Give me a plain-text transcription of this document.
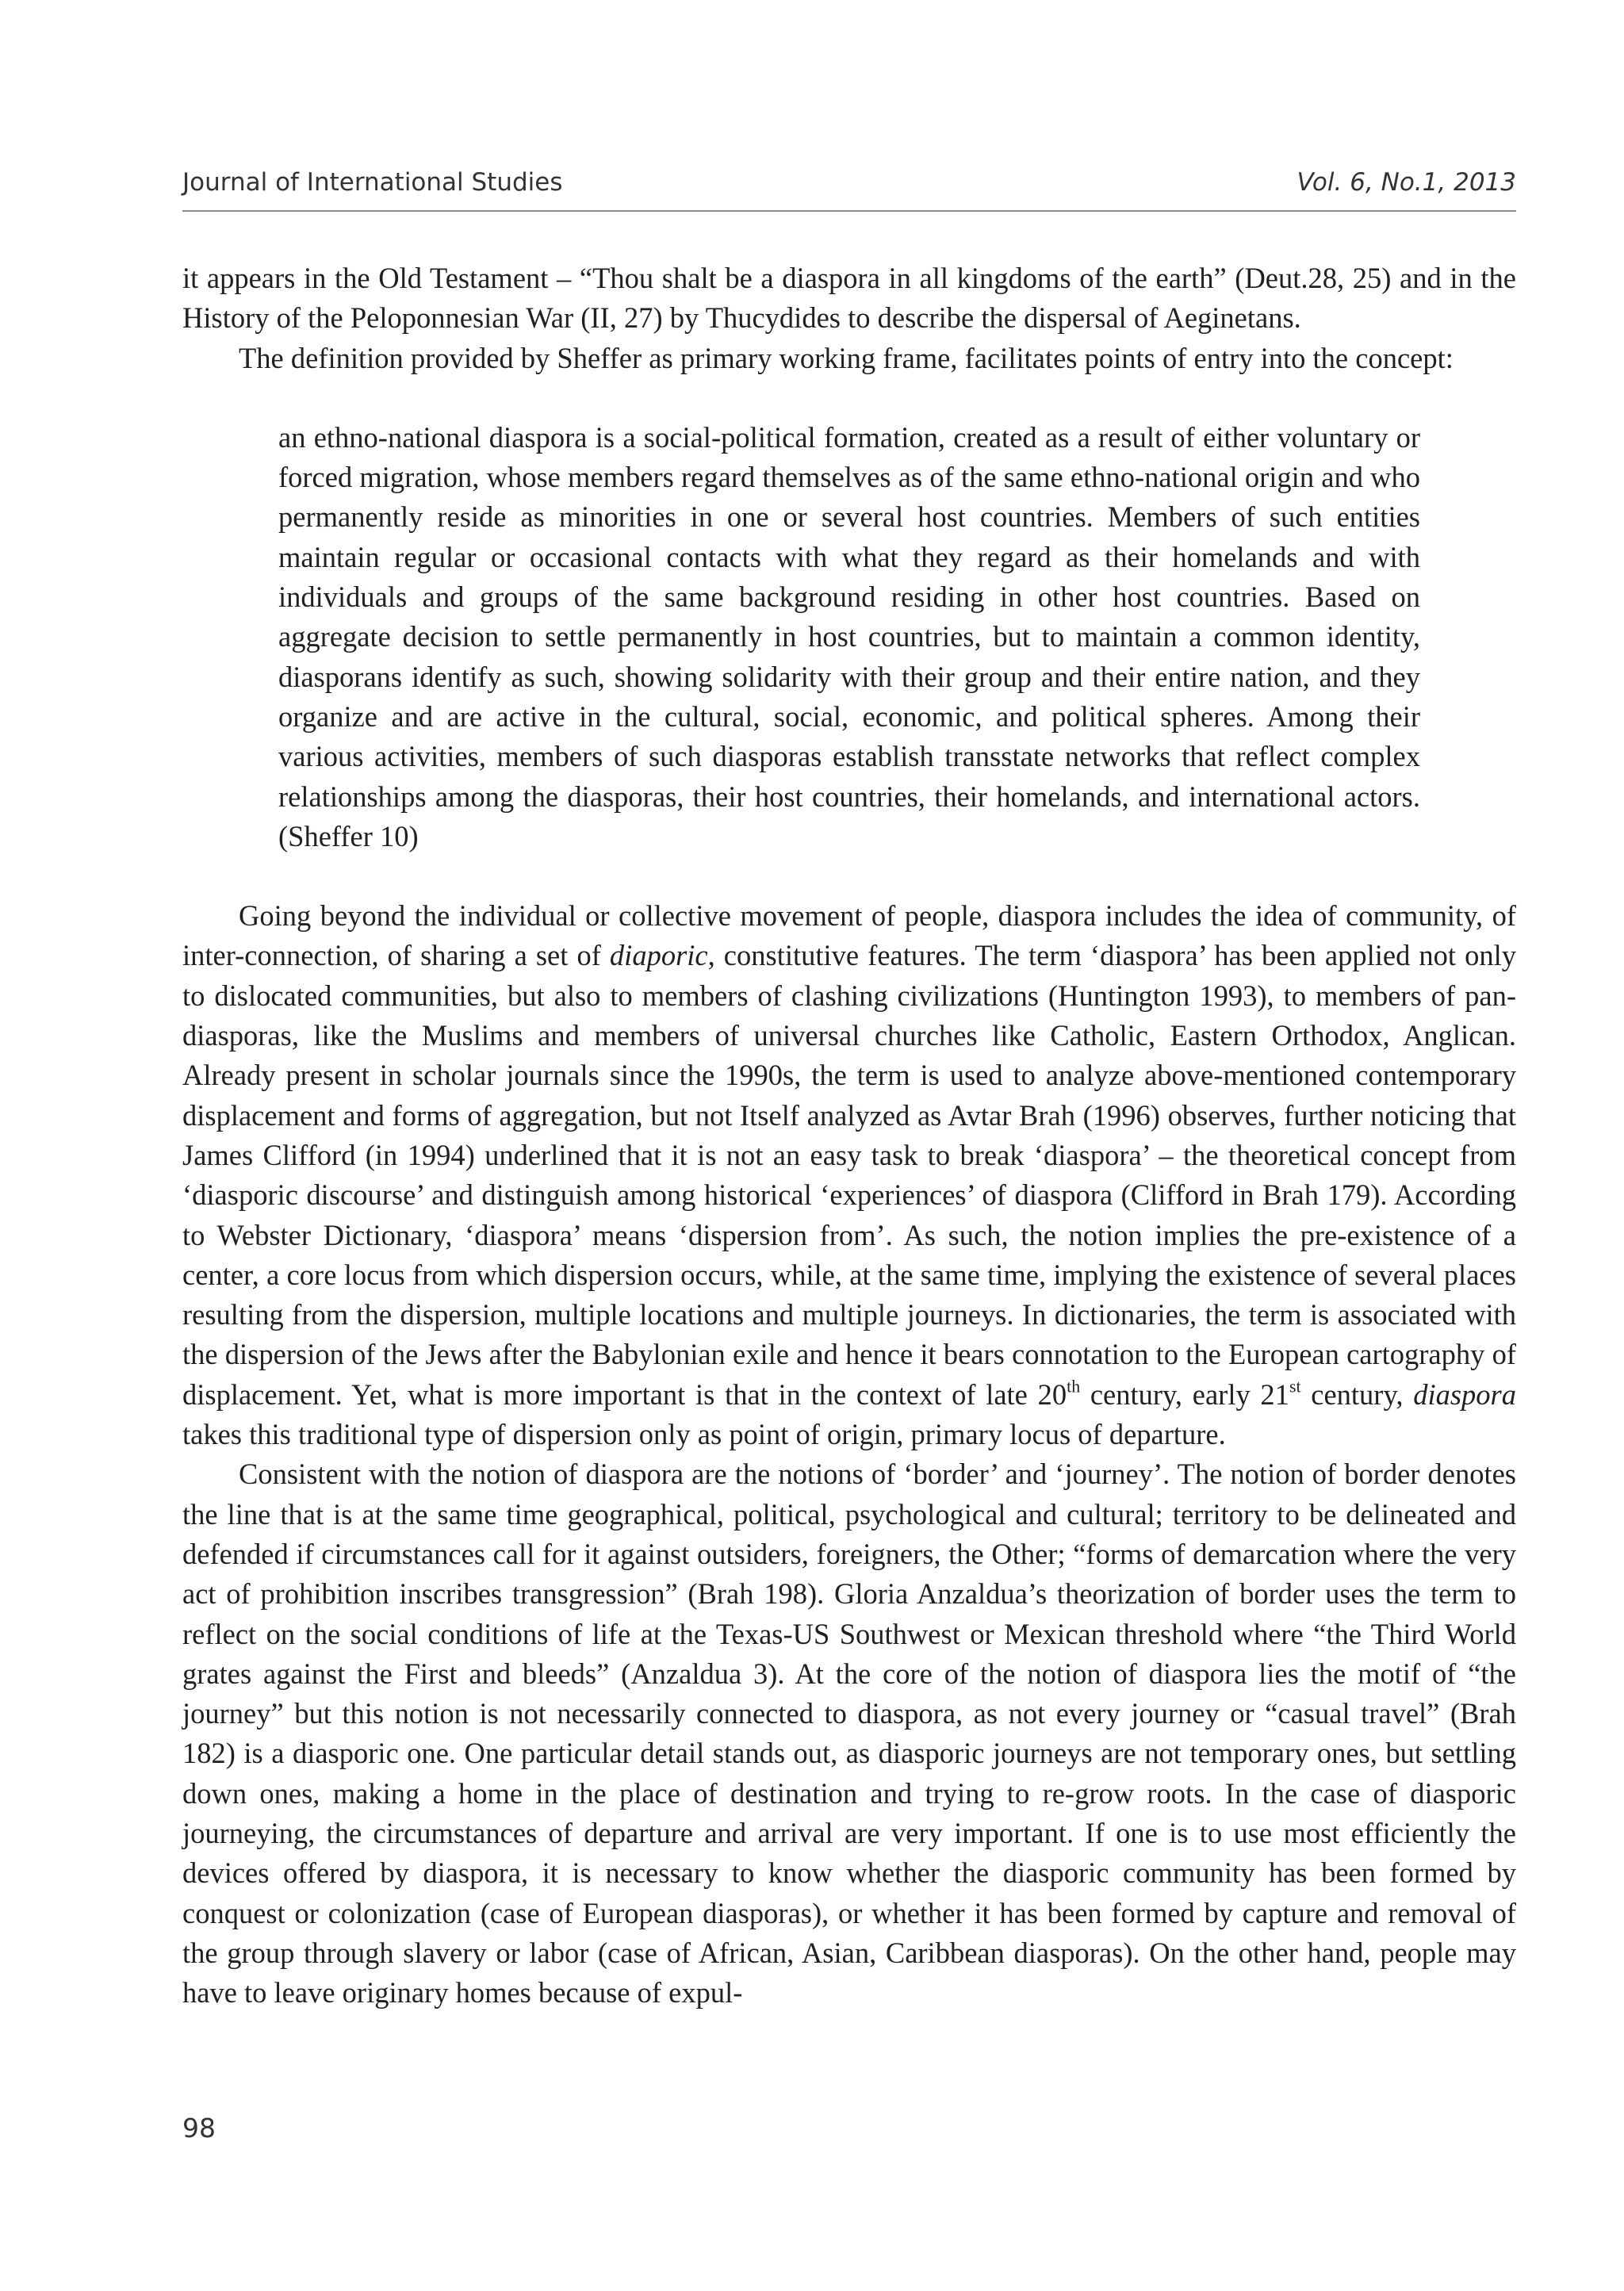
Journal of International Studies	Vol. 6, No.1, 2013

it appears in the Old Testament – “Thou shalt be a diaspora in all kingdoms of the earth” (Deut.28, 25) and in the History of the Peloponnesian War (II, 27) by Thucydides to describe the dispersal of Aeginetans.

The definition provided by Sheffer as primary working frame, facilitates points of entry into the concept:

an ethno-national diaspora is a social-political formation, created as a result of either voluntary or forced migration, whose members regard themselves as of the same ethno-national origin and who permanently reside as minorities in one or several host countries. Members of such entities maintain regular or occasional contacts with what they regard as their homelands and with individuals and groups of the same background residing in other host countries. Based on aggregate decision to settle permanently in host countries, but to maintain a common identity, diasporans identify as such, showing solidarity with their group and their entire nation, and they organize and are active in the cultural, social, economic, and political spheres. Among their various activities, members of such diasporas establish transstate networks that reflect complex relationships among the diasporas, their host countries, their homelands, and international actors. (Sheffer 10)

Going beyond the individual or collective movement of people, diaspora includes the idea of community, of inter-connection, of sharing a set of diaporic, constitutive features. The term ‘diaspora’ has been applied not only to dislocated communities, but also to members of clashing civilizations (Huntington 1993), to members of pan-diasporas, like the Muslims and members of universal churches like Catholic, Eastern Orthodox, Anglican. Already present in scholar journals since the 1990s, the term is used to analyze above-mentioned contemporary displacement and forms of aggregation, but not Itself analyzed as Avtar Brah (1996) observes, further noticing that James Clifford (in 1994) underlined that it is not an easy task to break ‘diaspora’ – the theoretical concept from ‘diasporic discourse’ and distinguish among historical ‘experiences’ of diaspora (Clifford in Brah 179). According to Webster Dictionary, ‘diaspora’ means ‘dispersion from’. As such, the notion implies the pre-existence of a center, a core locus from which dispersion occurs, while, at the same time, implying the existence of several places resulting from the dispersion, multiple locations and multiple journeys. In dictionaries, the term is associated with the dispersion of the Jews after the Babylonian exile and hence it bears connotation to the European cartography of displacement. Yet, what is more important is that in the context of late 20th century, early 21st century, diaspora takes this traditional type of dispersion only as point of origin, primary locus of departure.

Consistent with the notion of diaspora are the notions of ‘border’ and ‘journey’. The notion of border denotes the line that is at the same time geographical, political, psychological and cultural; territory to be delineated and defended if circumstances call for it against outsiders, foreigners, the Other; “forms of demarcation where the very act of prohibition inscribes transgression” (Brah 198). Gloria Anzaldua’s theorization of border uses the term to reflect on the social conditions of life at the Texas-US Southwest or Mexican threshold where “the Third World grates against the First and bleeds” (Anzaldua 3). At the core of the notion of diaspora lies the motif of “the journey” but this notion is not necessarily connected to diaspora, as not every journey or “casual travel” (Brah 182) is a diasporic one. One particular detail stands out, as diasporic journeys are not temporary ones, but settling down ones, making a home in the place of destination and trying to re-grow roots. In the case of diasporic journeying, the circumstances of departure and arrival are very important. If one is to use most efficiently the devices offered by diaspora, it is necessary to know whether the diasporic community has been formed by conquest or colonization (case of European diasporas), or whether it has been formed by capture and removal of the group through slavery or labor (case of African, Asian, Caribbean diasporas). On the other hand, people may have to leave originary homes because of expul-

98
